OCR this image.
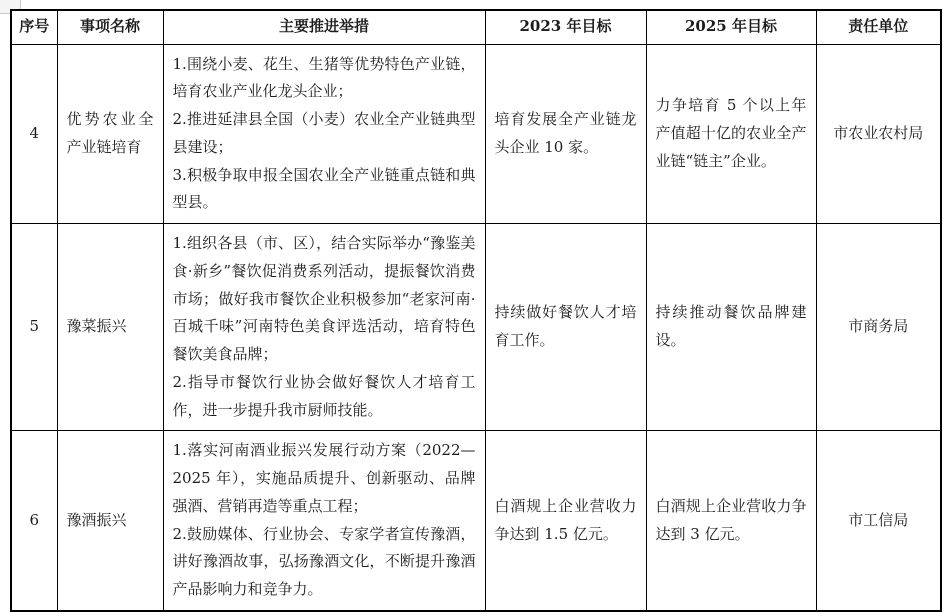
序号	事项名称	主要推进举措	2023 年目标	2025 年目标	责任单位
4	优势农业全产业链培育	1.围绕小麦、花生、生猪等优势特色产业链，培育农业产业化龙头企业；

2.推进延津县全国（小麦）农业全产业链典型县建设；

3.积极争取申报全国农业全产业链重点链和典型县。	培育发展全产业链龙头企业 10 家。	力争培育 5 个以上年产值超十亿的农业全产业链“链主”企业。	市农业农村局
5	豫菜振兴	1.组织各县（市、区），结合实际举办“豫鉴美食·新乡”餐饮促消费系列活动，提振餐饮消费市场；做好我市餐饮企业积极参加“老家河南·百城千味”河南特色美食评选活动，培育特色餐饮美食品牌；

2.指导市餐饮行业协会做好餐饮人才培育工作，进一步提升我市厨师技能。	持续做好餐饮人才培育工作。	持续推动餐饮品牌建设。	市商务局
6	豫酒振兴	1.落实河南酒业振兴发展行动方案（2022—2025 年），实施品质提升、创新驱动、品牌强酒、营销再造等重点工程；

2.鼓励媒体、行业协会、专家学者宣传豫酒，讲好豫酒故事，弘扬豫酒文化，不断提升豫酒产品影响力和竞争力。	白酒规上企业营收力争达到 1.5 亿元。	白酒规上企业营收力争达到 3 亿元。	市工信局
